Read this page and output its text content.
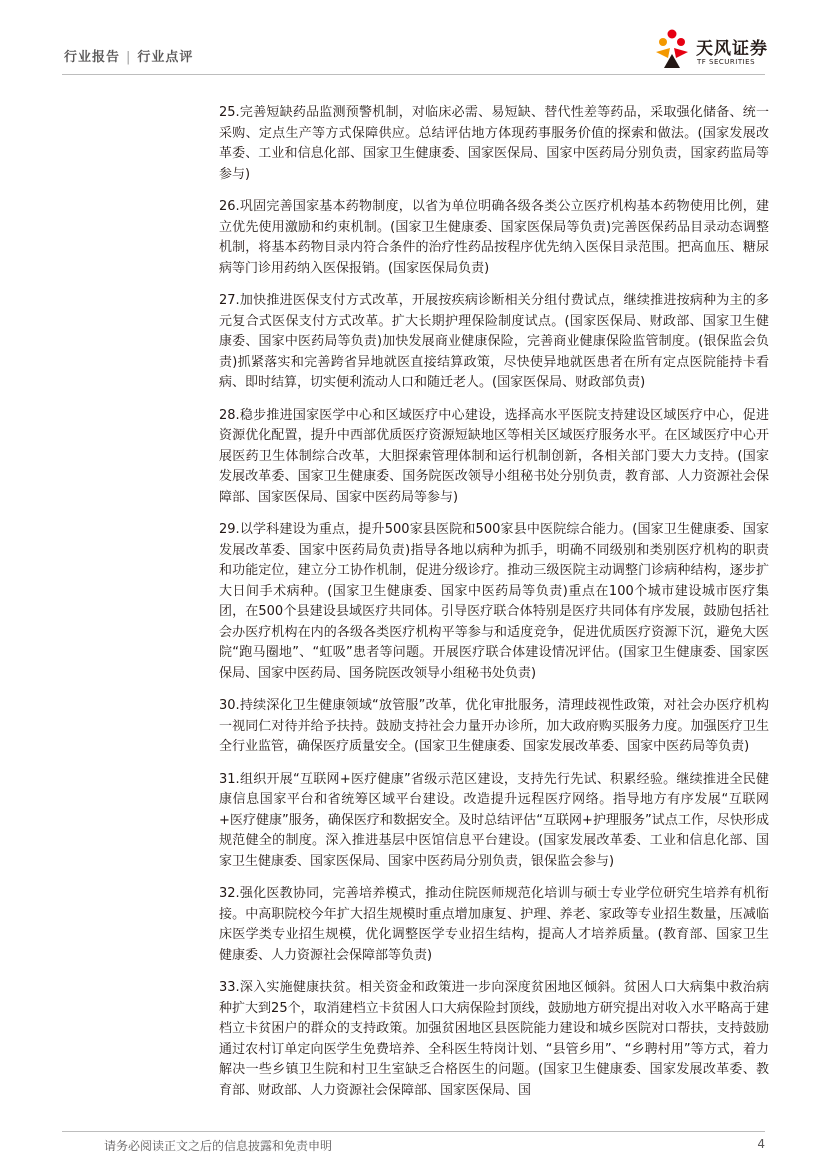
行业报告 | 行业点评	天风证券
TF SECURITIES

25.完善短缺药品监测预警机制，对临床必需、易短缺、替代性差等药品，采取强化储备、统一采购、定点生产等方式保障供应。总结评估地方体现药事服务价值的探索和做法。(国家发展改革委、工业和信息化部、国家卫生健康委、国家医保局、国家中医药局分别负责，国家药监局等参与)

26.巩固完善国家基本药物制度，以省为单位明确各级各类公立医疗机构基本药物使用比例，建立优先使用激励和约束机制。(国家卫生健康委、国家医保局等负责)完善医保药品目录动态调整机制，将基本药物目录内符合条件的治疗性药品按程序优先纳入医保目录范围。把高血压、糖尿病等门诊用药纳入医保报销。(国家医保局负责)

27.加快推进医保支付方式改革，开展按疾病诊断相关分组付费试点，继续推进按病种为主的多元复合式医保支付方式改革。扩大长期护理保险制度试点。(国家医保局、财政部、国家卫生健康委、国家中医药局等负责)加快发展商业健康保险，完善商业健康保险监管制度。(银保监会负责)抓紧落实和完善跨省异地就医直接结算政策，尽快使异地就医患者在所有定点医院能持卡看病、即时结算，切实便利流动人口和随迁老人。(国家医保局、财政部负责)

28.稳步推进国家医学中心和区域医疗中心建设，选择高水平医院支持建设区域医疗中心，促进资源优化配置，提升中西部优质医疗资源短缺地区等相关区域医疗服务水平。在区域医疗中心开展医药卫生体制综合改革，大胆探索管理体制和运行机制创新，各相关部门要大力支持。(国家发展改革委、国家卫生健康委、国务院医改领导小组秘书处分别负责，教育部、人力资源社会保障部、国家医保局、国家中医药局等参与)

29.以学科建设为重点，提升500家县医院和500家县中医院综合能力。(国家卫生健康委、国家发展改革委、国家中医药局负责)指导各地以病种为抓手，明确不同级别和类别医疗机构的职责和功能定位，建立分工协作机制，促进分级诊疗。推动三级医院主动调整门诊病种结构，逐步扩大日间手术病种。(国家卫生健康委、国家中医药局等负责)重点在100个城市建设城市医疗集团，在500个县建设县域医疗共同体。引导医疗联合体特别是医疗共同体有序发展，鼓励包括社会办医疗机构在内的各级各类医疗机构平等参与和适度竞争，促进优质医疗资源下沉，避免大医院“跑马圈地”、“虹吸”患者等问题。开展医疗联合体建设情况评估。(国家卫生健康委、国家医保局、国家中医药局、国务院医改领导小组秘书处负责)

30.持续深化卫生健康领域“放管服”改革，优化审批服务，清理歧视性政策，对社会办医疗机构一视同仁对待并给予扶持。鼓励支持社会力量开办诊所，加大政府购买服务力度。加强医疗卫生全行业监管，确保医疗质量安全。(国家卫生健康委、国家发展改革委、国家中医药局等负责)

31.组织开展“互联网+医疗健康”省级示范区建设，支持先行先试、积累经验。继续推进全民健康信息国家平台和省统筹区域平台建设。改造提升远程医疗网络。指导地方有序发展“互联网+医疗健康”服务，确保医疗和数据安全。及时总结评估“互联网+护理服务”试点工作，尽快形成规范健全的制度。深入推进基层中医馆信息平台建设。(国家发展改革委、工业和信息化部、国家卫生健康委、国家医保局、国家中医药局分别负责，银保监会参与)

32.强化医教协同，完善培养模式，推动住院医师规范化培训与硕士专业学位研究生培养有机衔接。中高职院校今年扩大招生规模时重点增加康复、护理、养老、家政等专业招生数量，压减临床医学类专业招生规模，优化调整医学专业招生结构，提高人才培养质量。(教育部、国家卫生健康委、人力资源社会保障部等负责)

33.深入实施健康扶贫。相关资金和政策进一步向深度贫困地区倾斜。贫困人口大病集中救治病种扩大到25个，取消建档立卡贫困人口大病保险封顶线，鼓励地方研究提出对收入水平略高于建档立卡贫困户的群众的支持政策。加强贫困地区县医院能力建设和城乡医院对口帮扶，支持鼓励通过农村订单定向医学生免费培养、全科医生特岗计划、“县管乡用”、“乡聘村用”等方式，着力解决一些乡镇卫生院和村卫生室缺乏合格医生的问题。(国家卫生健康委、国家发展改革委、教育部、财政部、人力资源社会保障部、国家医保局、国

请务必阅读正文之后的信息披露和免责申明	4
